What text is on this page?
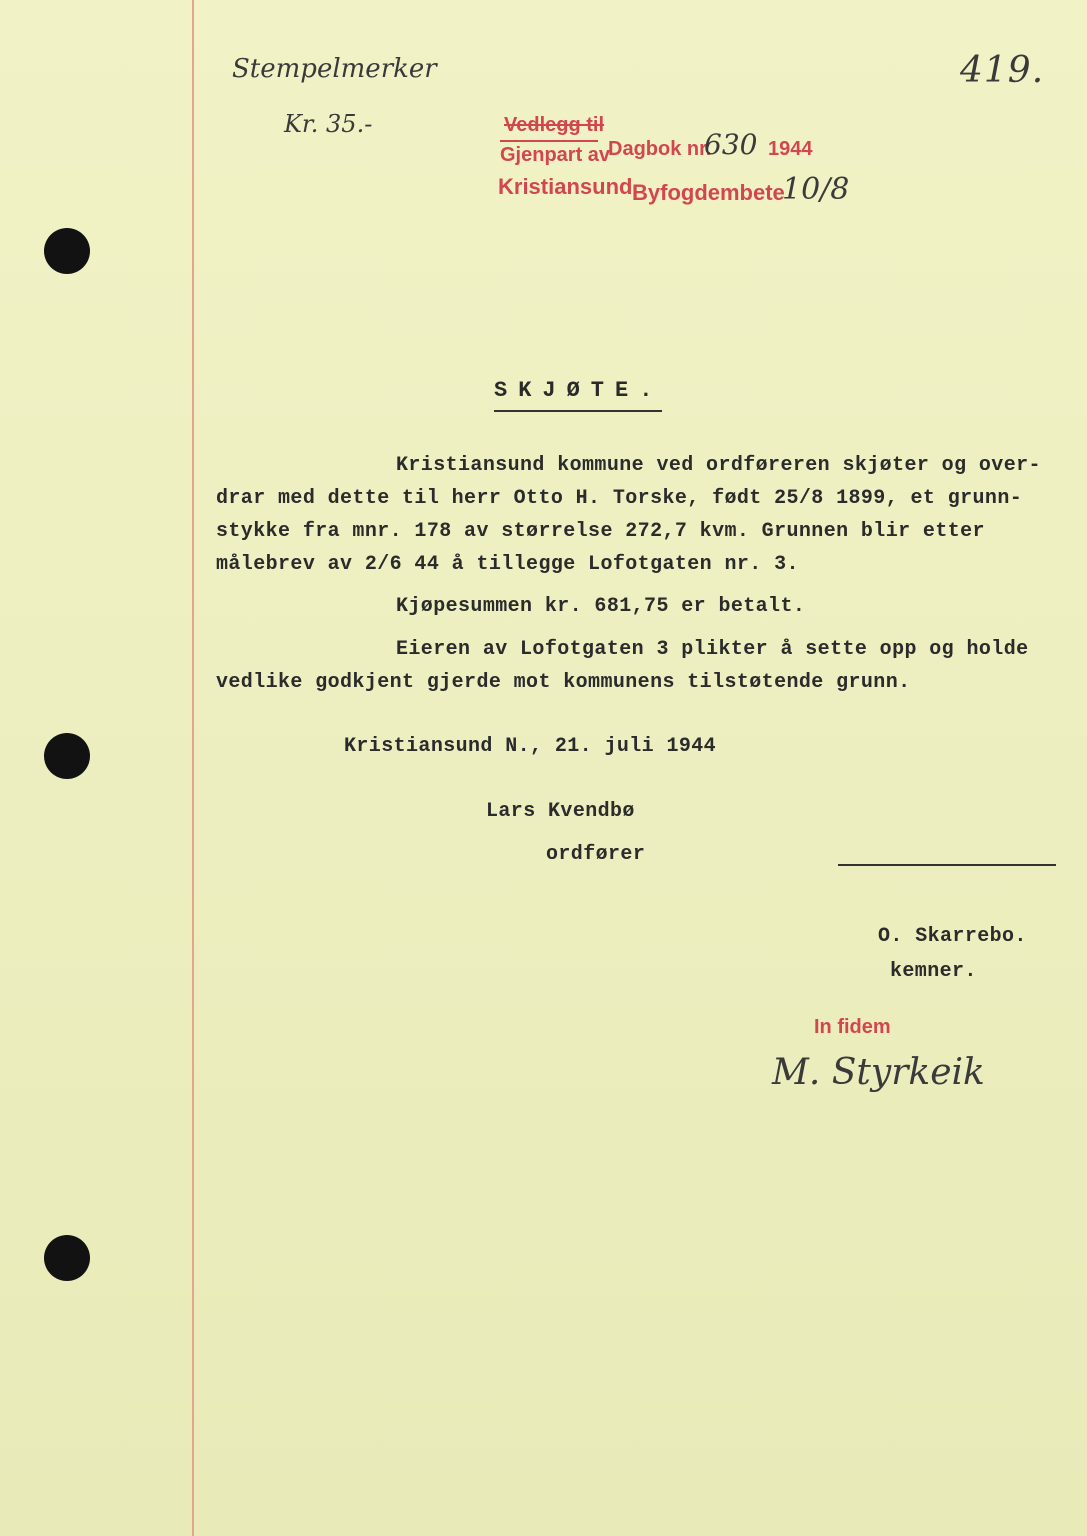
Stempelmerker
Kr. 35.-
419.
Vedlegg til
Gjenpart av
Dagbok nr.
630 1944
Kristiansund Byfogdembete
10/8
SKJØTE.
Kristiansund kommune ved ordføreren skjøter og over-
drar med dette til herr Otto H. Torske, født 25/8 1899, et grunn-
stykke fra mnr. 178 av størrelse 272,7 kvm. Grunnen blir etter
målebrev av 2/6 44 å tillegge Lofotgaten nr. 3.
Kjøpesummen kr. 681,75 er betalt.
Eieren av Lofotgaten 3 plikter å sette opp og holde
vedlike godkjent gjerde mot kommunens tilstøtende grunn.
Kristiansund N., 21. juli 1944
Lars Kvendbø
ordfører
O. Skarrebo.
kemner.
In fidem
M. Styrkeik
